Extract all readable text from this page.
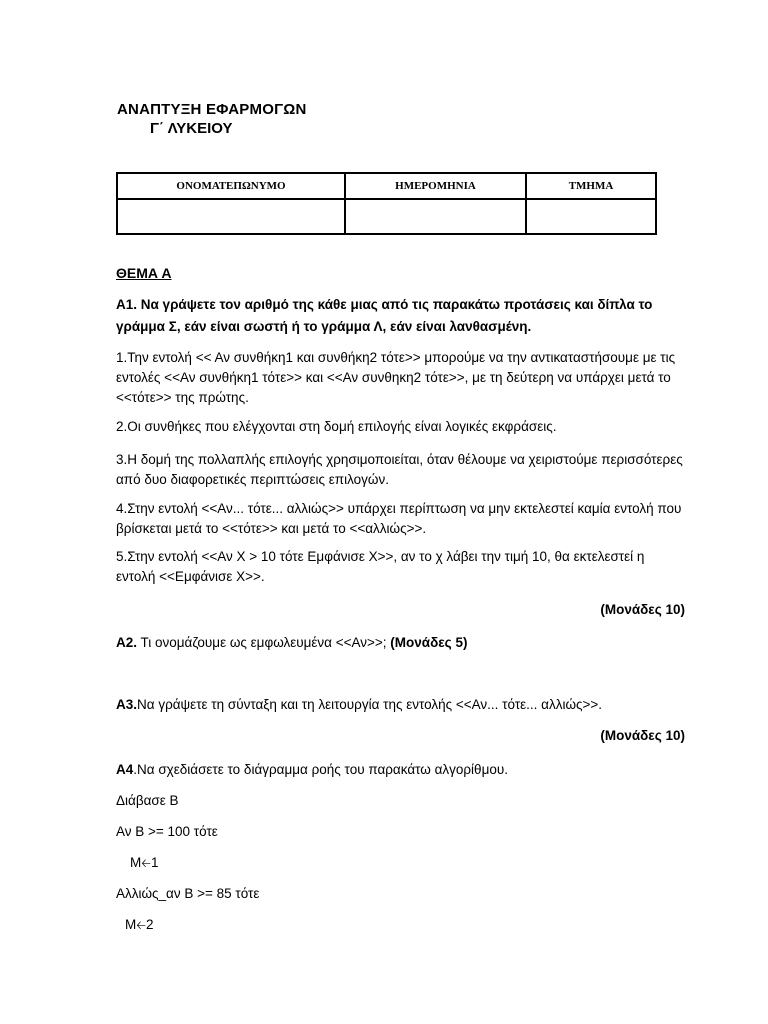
ΑΝΑΠΤΥΞΗ ΕΦΑΡΜΟΓΩΝ
Γ΄ ΛΥΚΕΙΟΥ
ΟΝΟΜΑΤΕΠΩΝΥΜΟ	ΗΜΕΡΟΜΗΝΙΑ	ΤΜΗΜΑ

ΘΕΜΑ Α
Α1. Να γράψετε τον αριθμό της κάθε μιας από τις παρακάτω προτάσεις και δίπλα το γράμμα Σ, εάν είναι σωστή ή το γράμμα Λ, εάν είναι λανθασμένη.
1.Την εντολή << Αν συνθήκη1 και συνθήκη2 τότε>> μπορούμε να την αντικαταστήσουμε με τις εντολές <<Αν συνθήκη1 τότε>> και <<Αν συνθηκη2 τότε>>, με τη δεύτερη να υπάρχει μετά το <<τότε>> της πρώτης.
2.Οι συνθήκες που ελέγχονται στη δομή επιλογής είναι λογικές εκφράσεις.
3.Η δομή της πολλαπλής επιλογής χρησιμοποιείται, όταν θέλουμε να χειριστούμε περισσότερες από δυο διαφορετικές περιπτώσεις επιλογών.
4.Στην εντολή <<Αν... τότε... αλλιώς>> υπάρχει περίπτωση να μην εκτελεστεί καμία εντολή που βρίσκεται μετά το <<τότε>> και μετά το <<αλλιώς>>.
5.Στην εντολή <<Αν Χ > 10 τότε Εμφάνισε Χ>>, αν το χ λάβει την τιμή 10, θα εκτελεστεί η εντολή <<Εμφάνισε Χ>>.
(Μονάδες 10)
Α2. Τι ονομάζουμε ως εμφωλευμένα <<Αν>>; (Μονάδες 5)
Α3.Να γράψετε τη σύνταξη και τη λειτουργία της εντολής <<Αν... τότε... αλλιώς>>.
(Μονάδες 10)
Α4.Να σχεδιάσετε το διάγραμμα ροής του παρακάτω αλγορίθμου.
Διάβασε Β
Αν Β >= 100 τότε
Μ🡠1
Αλλιώς_αν Β >= 85 τότε
Μ🡠2
